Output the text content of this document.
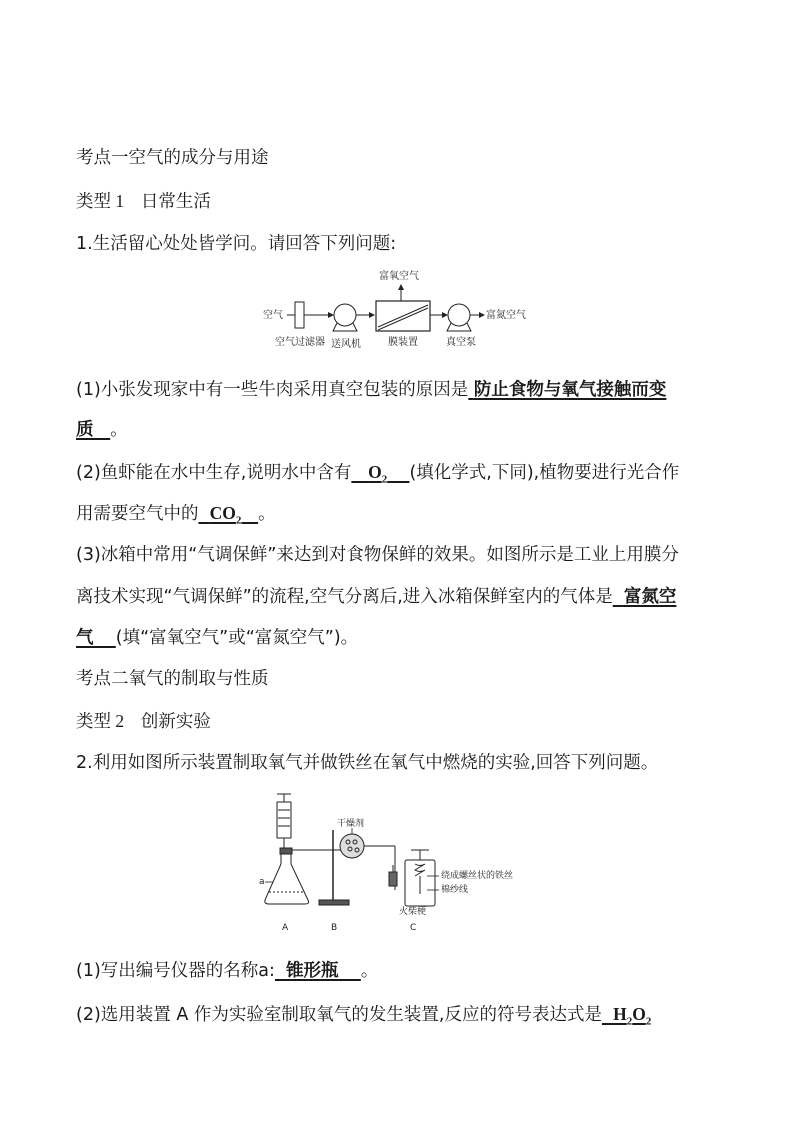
考点一空气的成分与用途
类型 1 日常生活
1.生活留心处处皆学问。请回答下列问题:
富氧空气
空气	富氮空气
空气过滤器 送风机	膜装置	真空泵
(1)小张发现家中有一些牛肉采用真空包装的原因是 防止食物与氧气接触而变
质 。
(2)鱼虾能在水中生存,说明水中含有 $O_2$ (填化学式,下同),植物要进行光合作
用需要空气中的 $CO_2$ 。
(3)冰箱中常用“气调保鲜”来达到对食物保鲜的效果。如图所示是工业上用膜分
离技术实现“气调保鲜”的流程,空气分离后,进入冰箱保鲜室内的气体是 富氮空
气 (填“富氧空气”或“富氮空气”)。
考点二氧气的制取与性质
类型 2 创新实验
2.利用如图所示装置制取氧气并做铁丝在氧气中燃烧的实验,回答下列问题。
a
干燥剂
绕成螺丝状的铁丝
棉纱线
火柴梗
A	B	C
(1)写出编号仪器的名称a: 锥形瓶 。
(2)选用装置 A 作为实验室制取氧气的发生装置,反应的符号表达式是 $H_2O_2$
